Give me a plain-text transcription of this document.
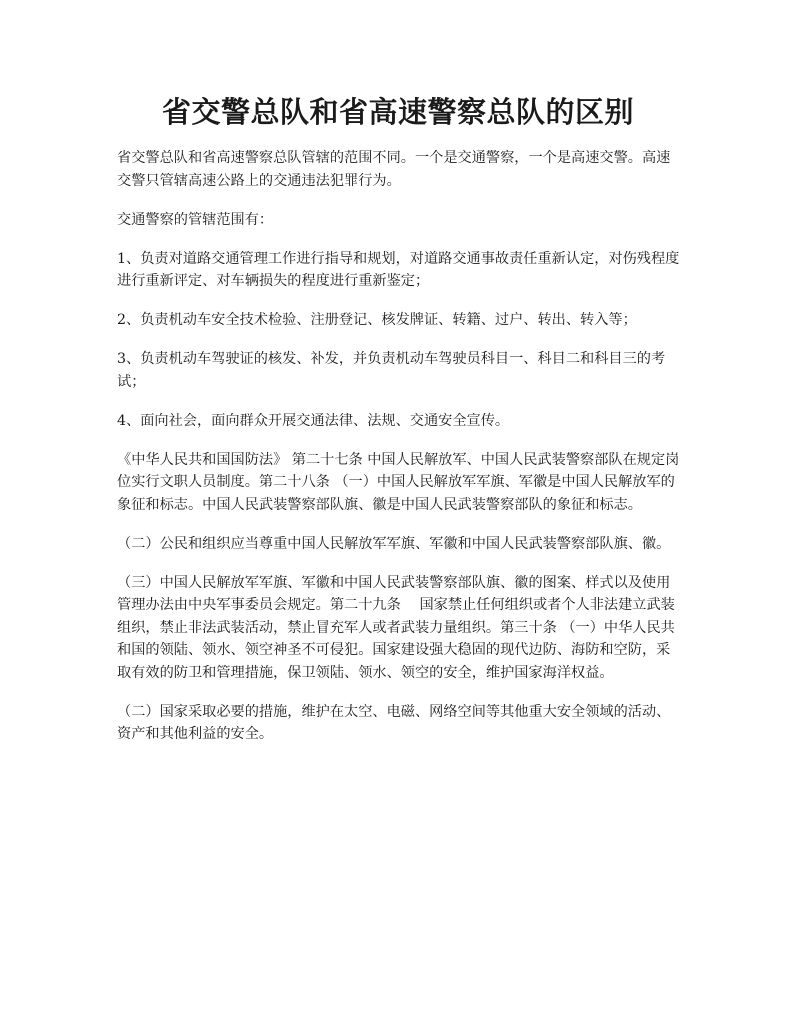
省交警总队和省高速警察总队的区别

省交警总队和省高速警察总队管辖的范围不同。一个是交通警察，一个是高速交警。高速交警只管辖高速公路上的交通违法犯罪行为。

交通警察的管辖范围有：

1、负责对道路交通管理工作进行指导和规划，对道路交通事故责任重新认定，对伤残程度进行重新评定、对车辆损失的程度进行重新鉴定；

2、负责机动车安全技术检验、注册登记、核发牌证、转籍、过户、转出、转入等；

3、负责机动车驾驶证的核发、补发，并负责机动车驾驶员科目一、科目二和科目三的考试；

4、面向社会，面向群众开展交通法律、法规、交通安全宣传。

《中华人民共和国国防法》 第二十七条 中国人民解放军、中国人民武装警察部队在规定岗位实行文职人员制度。第二十八条 （一）中国人民解放军军旗、军徽是中国人民解放军的象征和标志。中国人民武装警察部队旗、徽是中国人民武装警察部队的象征和标志。

（二）公民和组织应当尊重中国人民解放军军旗、军徽和中国人民武装警察部队旗、徽。

（三）中国人民解放军军旗、军徽和中国人民武装警察部队旗、徽的图案、样式以及使用管理办法由中央军事委员会规定。第二十九条　 国家禁止任何组织或者个人非法建立武装组织，禁止非法武装活动，禁止冒充军人或者武装力量组织。第三十条 （一）中华人民共和国的领陆、领水、领空神圣不可侵犯。国家建设强大稳固的现代边防、海防和空防，采取有效的防卫和管理措施，保卫领陆、领水、领空的安全，维护国家海洋权益。

（二）国家采取必要的措施，维护在太空、电磁、网络空间等其他重大安全领域的活动、资产和其他利益的安全。
